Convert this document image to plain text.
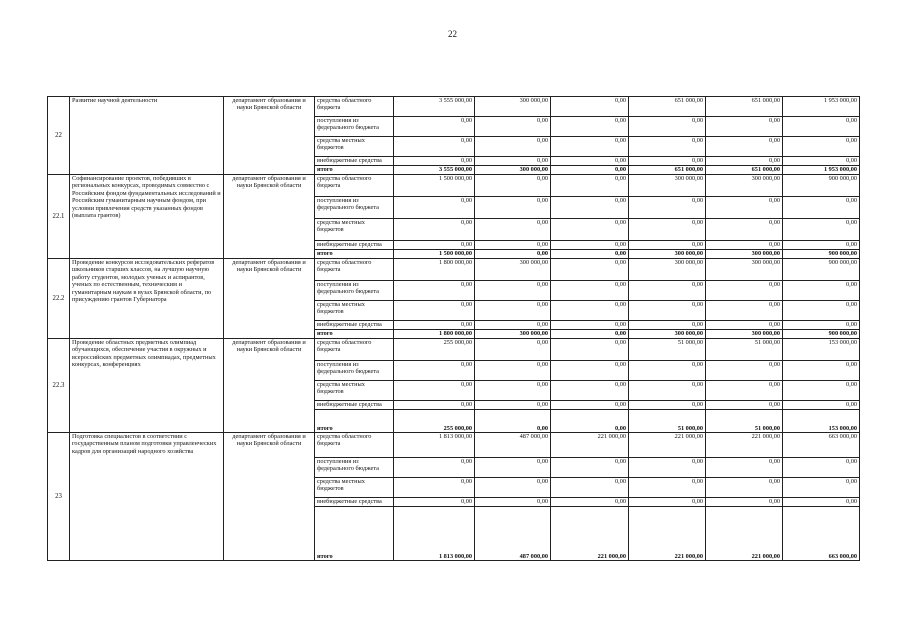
22
22	Развитие научной деятельности	департамент образования и науки Брянской области	средства областного бюджета	3 555 000,00	300 000,00	0,00	651 000,00	651 000,00	1 953 000,00
			поступления из федерального бюджета	0,00	0,00	0,00	0,00	0,00	0,00
			средства местных бюджетов	0,00	0,00	0,00	0,00	0,00	0,00
			внебюджетные средства	0,00	0,00	0,00	0,00	0,00	0,00
			итого	3 555 000,00	300 000,00	0,00	651 000,00	651 000,00	1 953 000,00
22.1	Софинансирование проектов, победивших в региональных конкурсах, проводимых совместно с Российским фондом фундаментальных исследований и Российским гуманитарным научным фондом, при условии привлечения средств указанных фондов (выплата грантов)	департамент образования и науки Брянской области	средства областного бюджета	1 500 000,00	0,00	0,00	300 000,00	300 000,00	900 000,00
			поступления из федерального бюджета	0,00	0,00	0,00	0,00	0,00	0,00
			средства местных бюджетов	0,00	0,00	0,00	0,00	0,00	0,00
			внебюджетные средства	0,00	0,00	0,00	0,00	0,00	0,00
			итого	1 500 000,00	0,00	0,00	300 000,00	300 000,00	900 000,00
22.2	Проведение конкурсов исследовательских рефератов школьников старших классов, на лучшую научную работу студентов, молодых ученых и аспирантов, ученых по естественным, техническим и гуманитарным наукам в вузах Брянской области, по присуждению грантов Губернатора	департамент образования и науки Брянской области	средства областного бюджета	1 800 000,00	300 000,00	0,00	300 000,00	300 000,00	900 000,00
			поступления из федерального бюджета	0,00	0,00	0,00	0,00	0,00	0,00
			средства местных бюджетов	0,00	0,00	0,00	0,00	0,00	0,00
			внебюджетные средства	0,00	0,00	0,00	0,00	0,00	0,00
			итого	1 800 000,00	300 000,00	0,00	300 000,00	300 000,00	900 000,00
22.3	Проведение областных предметных олимпиад обучающихся, обеспечение участия в окружных и всероссийских предметных олимпиадах, предметных конкурсах, конференциях	департамент образования и науки Брянской области	средства областного бюджета	255 000,00	0,00	0,00	51 000,00	51 000,00	153 000,00
			поступления из федерального бюджета	0,00	0,00	0,00	0,00	0,00	0,00
			средства местных бюджетов	0,00	0,00	0,00	0,00	0,00	0,00
			внебюджетные средства	0,00	0,00	0,00	0,00	0,00	0,00
			итого	255 000,00	0,00	0,00	51 000,00	51 000,00	153 000,00
23	Подготовка специалистов в соответствии с государственным планом подготовки управленческих кадров для организаций народного хозяйства	департамент образования и науки Брянской области	средства областного бюджета	1 813 000,00	487 000,00	221 000,00	221 000,00	221 000,00	663 000,00
			поступления из федерального бюджета	0,00	0,00	0,00	0,00	0,00	0,00
			средства местных бюджетов	0,00	0,00	0,00	0,00	0,00	0,00
			внебюджетные средства	0,00	0,00	0,00	0,00	0,00	0,00
			итого	1 813 000,00	487 000,00	221 000,00	221 000,00	221 000,00	663 000,00
